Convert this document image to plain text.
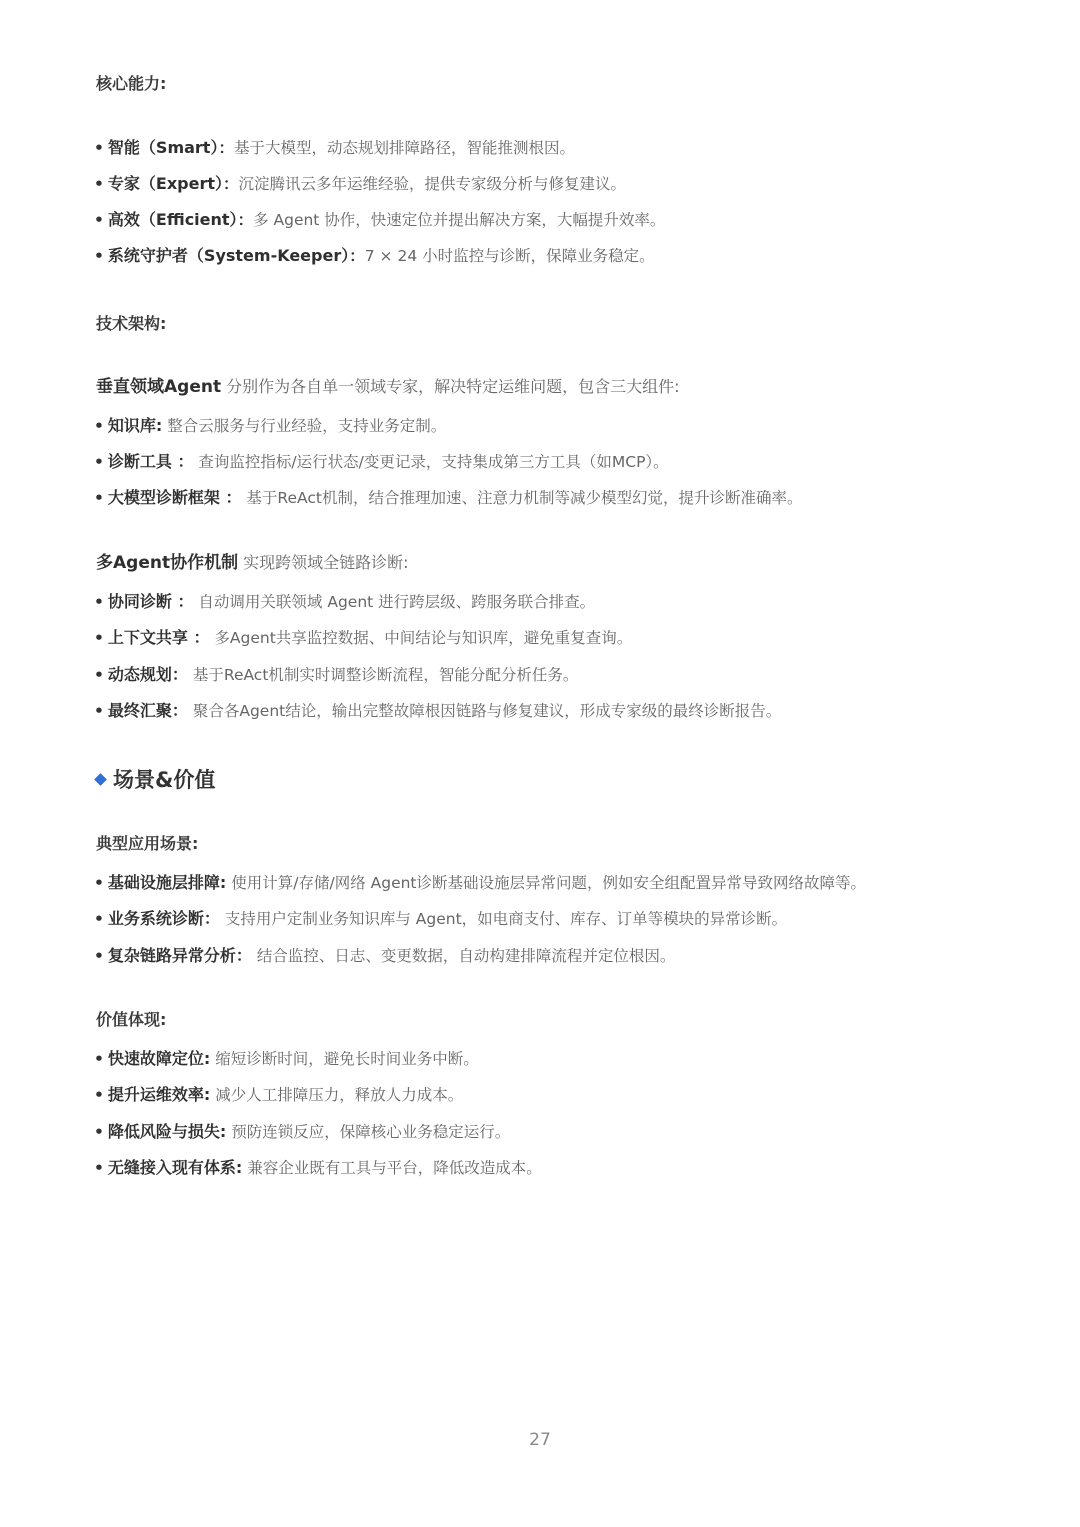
核心能力:
• 智能（Smart）：基于大模型，动态规划排障路径，智能推测根因。
• 专家（Expert）：沉淀腾讯云多年运维经验，提供专家级分析与修复建议。
• 高效（Efficient）：多 Agent 协作，快速定位并提出解决方案，大幅提升效率。
• 系统守护者（System-Keeper）：7 × 24 小时监控与诊断，保障业务稳定。
技术架构:
垂直领域Agent 分别作为各自单一领域专家，解决特定运维问题，包含三大组件:
• 知识库: 整合云服务与行业经验，支持业务定制。
• 诊断工具 ： 查询监控指标/运行状态/变更记录，支持集成第三方工具（如MCP）。
• 大模型诊断框架 ： 基于ReAct机制，结合推理加速、注意力机制等减少模型幻觉，提升诊断准确率。
多Agent协作机制 实现跨领域全链路诊断:
• 协同诊断 ： 自动调用关联领域 Agent 进行跨层级、跨服务联合排查。
• 上下文共享 ： 多Agent共享监控数据、中间结论与知识库，避免重复查询。
• 动态规划： 基于ReAct机制实时调整诊断流程，智能分配分析任务。
• 最终汇聚： 聚合各Agent结论，输出完整故障根因链路与修复建议，形成专家级的最终诊断报告。
场景&价值
典型应用场景:
• 基础设施层排障: 使用计算/存储/网络 Agent诊断基础设施层异常问题，例如安全组配置异常导致网络故障等。
• 业务系统诊断： 支持用户定制业务知识库与 Agent，如电商支付、库存、订单等模块的异常诊断。
• 复杂链路异常分析： 结合监控、日志、变更数据，自动构建排障流程并定位根因。
价值体现:
• 快速故障定位: 缩短诊断时间，避免长时间业务中断。
• 提升运维效率: 减少人工排障压力，释放人力成本。
• 降低风险与损失: 预防连锁反应，保障核心业务稳定运行。
• 无缝接入现有体系: 兼容企业既有工具与平台，降低改造成本。
27
